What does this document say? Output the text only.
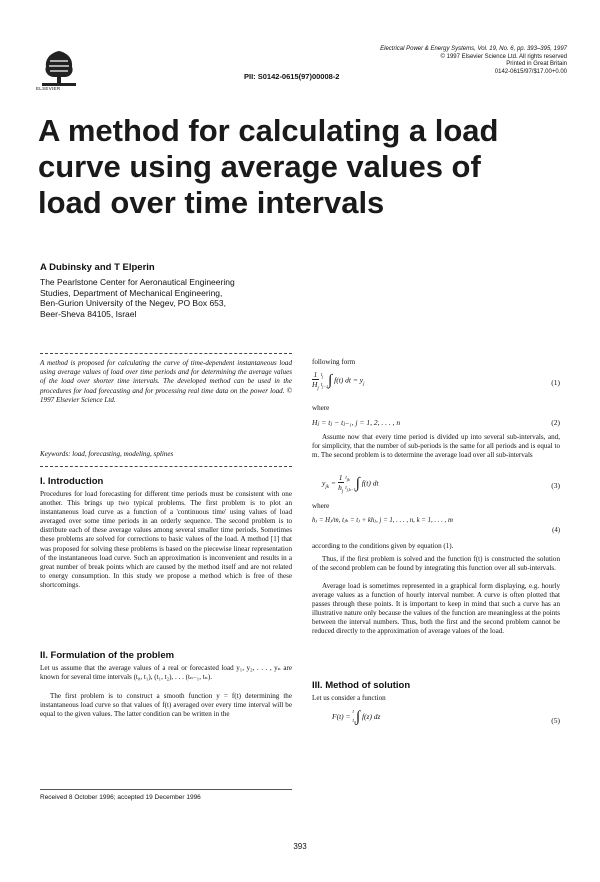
ELSEVIER
PII: S0142-0615(97)00008-2
Electrical Power & Energy Systems, Vol. 19, No. 6, pp. 393–395, 1997
© 1997 Elsevier Science Ltd. All rights reserved
Printed in Great Britain
0142-0615/97/$17.00+0.00
A method for calculating a load
curve using average values of
load over time intervals
A Dubinsky and T Elperin
The Pearlstone Center for Aeronautical Engineering
Studies, Department of Mechanical Engineering,
Ben-Gurion University of the Negev, PO Box 653,
Beer-Sheva 84105, Israel
A method is proposed for calculating the curve of time-dependent instantaneous load using average values of load over time periods and for determining the average values of the load over shorter time intervals. The developed method can be used in the procedures for load forecasting and for processing real time data on the power load. © 1997 Elsevier Science Ltd.
Keywords: load, forecasting, modeling, splines
I. Introduction
Procedures for load forecasting for different time periods must be consistent with one another. This brings up two typical problems. The first problem is to plot an instantaneous load curve as a function of a 'continuous time' using values of load averaged over some time periods in an orderly sequence. The second problem is to distribute each of these average values among several smaller time periods. Sometimes these problems are solved for corrections to basic values of the load. A method [1] that was proposed for solving these problems is based on the piecewise linear representation of the instantaneous load curve. Such an approximation is inconvenient and results in a great number of break points which are caused by the method itself and are not related to energy consumption. In this study we propose a method which is free of these shortcomings.
II. Formulation of the problem
Let us assume that the average values of a real or forecasted load y₁, y₂, . . . , yₙ are known for several time intervals (t₀, t₁), (t₁, t₂), . . . (tₙ₋₁, tₙ).
The first problem is to construct a smooth function y = f(t) determining the instantaneous load curve so that values of f(t) averaged over every time interval will be equal to the given values. The latter condition can be written in the
Received 8 October 1996; accepted 19 December 1996
following form
$\frac{1}{H_j} t_j$
$t_{j-1}\int$ f(t) dt = $y_j$	(1)
where
Hⱼ = tⱼ − tⱼ₋₁, j = 1, 2, . . . , n	(2)
Assume now that every time period is divided up into several sub-intervals, and, for simplicity, that the number of sub-periods is the same for all periods and is equal to m. The second problem is to determine the average load over all sub-intervals
$y_{jk} = \frac{1}{h_j} t_{jk}$
$t_{j,k-1}\int$ f(t) dt	(3)
where
hⱼ = Hⱼ/m, tⱼₖ = tⱼ + khⱼ, j = 1, . . . , n, k = 1, . . . , m
(4)
according to the conditions given by equation (1).
Thus, if the first problem is solved and the function f(t) is constructed the solution of the second problem can be found by integrating this function over all sub-intervals.
Average load is sometimes represented in a graphical form displaying, e.g. hourly average values as a function of hourly interval number. A curve is often plotted that passes through these points. It is important to keep in mind that such a curve has an illustrative nature only because the values of the function are meaningless at the points between the interval numbers. Thus, both the first and the second problem cannot be reduced directly to the approximation of average values of the load.
III. Method of solution
Let us consider a function
F(t) = t
$t_0\int$ f(z) dz	(5)
393
